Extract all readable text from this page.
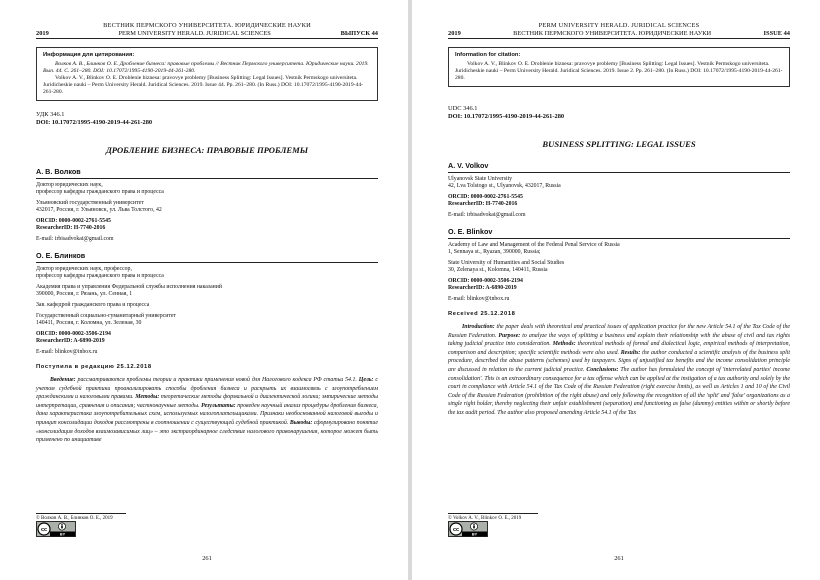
ВЕСТНИК ПЕРМСКОГО УНИВЕРСИТЕТА. ЮРИДИЧЕСКИЕ НАУКИ
2019	PERM UNIVERSITY HERALD. JURIDICAL SCIENCES	ВЫПУСК 44
Информация для цитирования:
Волков А. В., Блинков О. Е. Дробление бизнеса: правовые проблемы // Вестник Пермского университета. Юридические науки. 2019. Вып. 44. C. 261–280. DOI: 10.17072/1995-4190-2019-44-261-280.
Volkov A. V., Blinkov O. E. Droblenie biznesa: pravovye problemy [Business Splitting: Legal Issues]. Vestnik Permskogo universiteta. Juridicheskie nauki – Perm University Herald. Juridical Sciences. 2019. Issue 44. Pp. 261–280. (In Russ.) DOI: 10.17072/1995-4190-2019-44-261-280.
УДК 346.1
DOI: 10.17072/1995-4190-2019-44-261-280
ДРОБЛЕНИЕ БИЗНЕСА: ПРАВОВЫЕ ПРОБЛЕМЫ
А. В. Волков
Доктор юридических наук,
профессор кафедры гражданского права и процесса
Ульяновский государственный университет
432017, Россия, г. Ульяновск, ул. Льва Толстого, 42
ORCID: 0000-0002-2761-5545
ResearcherID: H-7740-2016
E-mail: irbisadvokat@gmail.com
О. Е. Блинков
Доктор юридических наук, профессор,
профессор кафедры гражданского права и процесса
Академия права и управления Федеральной службы исполнения наказаний
390000, Россия, г. Рязань, ул. Сенная, 1
Зав. кафедрой гражданского права и процесса
Государственный социально-гуманитарный университет
140411, Россия, г. Коломна, ул. Зеленая, 30
ORCID: 0000-0002-3506-2194
ResearcherID: A-6890-2019
E-mail: blinkov@inbox.ru
Поступила в редакцию 25.12.2018
Введение: рассматриваются проблемы теории и практики применения новой для Налогового кодекса РФ статьи 54.1. Цель: с учетом судебной практики проанализировать способы дробления бизнеса и раскрыть их взаимосвязь с злоупотреблением гражданскими и налоговыми правами. Методы: теоретические методы формальной и диалектической логики; эмпирические методы интерпретации, сравнения и описания; частнонаучные методы. Результаты: проведен научный анализ процедуры дробления бизнеса, дана характеристика злоупотребительных схем, используемых налогоплательщиками. Признаки необоснованной налоговой выгоды и принцип консолидации доходов рассмотрены в соотношении с существующей судебной практикой. Выводы: сформулировано понятие «консолидация доходов взаимозависимых лиц» – это экстраординарное следствие налогового правонарушения, которое может быть применено по инициативе
© Волков А. В., Блинков О. Е., 2019
cc
BY
261
PERM UNIVERSITY HERALD. JURIDICAL SCIENCES
2019	ВЕСТНИК ПЕРМСКОГО УНИВЕРСИТЕТА. ЮРИДИЧЕСКИЕ НАУКИ	ISSUE 44
Information for citation:
Volkov A. V., Blinkov O. E. Droblenie biznesa: pravovye problemy [Business Splitting: Legal Issues]. Vestnik Permskogo universiteta. Juridicheskie nauki – Perm University Herald. Juridical Sciences. 2019. Issue 2. Pp. 261–280. (In Russ.) DOI: 10.17072/1995-4190-2019-44-261-280.
UDC 346.1
DOI: 10.17072/1995-4190-2019-44-261-280
BUSINESS SPLITTING: LEGAL ISSUES
A. V. Volkov
Ulyanovsk State University
42, Lva Tolstogo st., Ulyanovsk, 432017, Russia
ORCID: 0000-0002-2761-5545
ResearcherID: H-7740-2016
E-mail: irbisadvokat@gmail.com
O. E. Blinkov
Academy of Law and Management of the Federal Penal Service of Russia
1, Sennaya st., Ryazan, 390000, Russia;
State University of Humanities and Social Studies
30, Zelenaya st., Kolomna, 140411, Russia
ORCID: 0000-0002-3506-2194
ResearcherID: A-6890-2019
E-mail: blinkov@inbox.ru
Received 25.12.2018
Introduction: the paper deals with theoretical and practical issues of application practice for the new Article 54.1 of the Tax Code of the Russian Federation. Purpose: to analyze the ways of splitting a business and explain their relationship with the abuse of civil and tax rights taking judicial practice into consideration. Methods: theoretical methods of formal and dialectical logic, empirical methods of interpretation, comparison and description; specific scientific methods were also used. Results: the author conducted a scientific analysis of the business split procedure, described the abuse patterns (schemes) used by taxpayers. Signs of unjustified tax benefits and the income consolidation principle are discussed in relation to the current judicial practice. Conclusions: The author has formulated the concept of 'interrelated parties' income consolidation'. This is an extraordinary consequence for a tax offense which can be applied at the instigation of a tax authority and solely by the court in compliance with Article 54.1 of the Tax Code of the Russian Federation (right exercise limits), as well as Articles 1 and 10 of the Civil Code of the Russian Federation (prohibition of the right abuse) and only following the recognition of all the 'split' and 'false' organizations as a single right holder, thereby neglecting their unfair establishment (separation) and functioning as false (dummy) entities within or shortly before the tax audit period. The author also proposed amending Article 54.1 of the Tax
© Volkov A. V., Blinkov O. E., 2019
cc
BY
261
